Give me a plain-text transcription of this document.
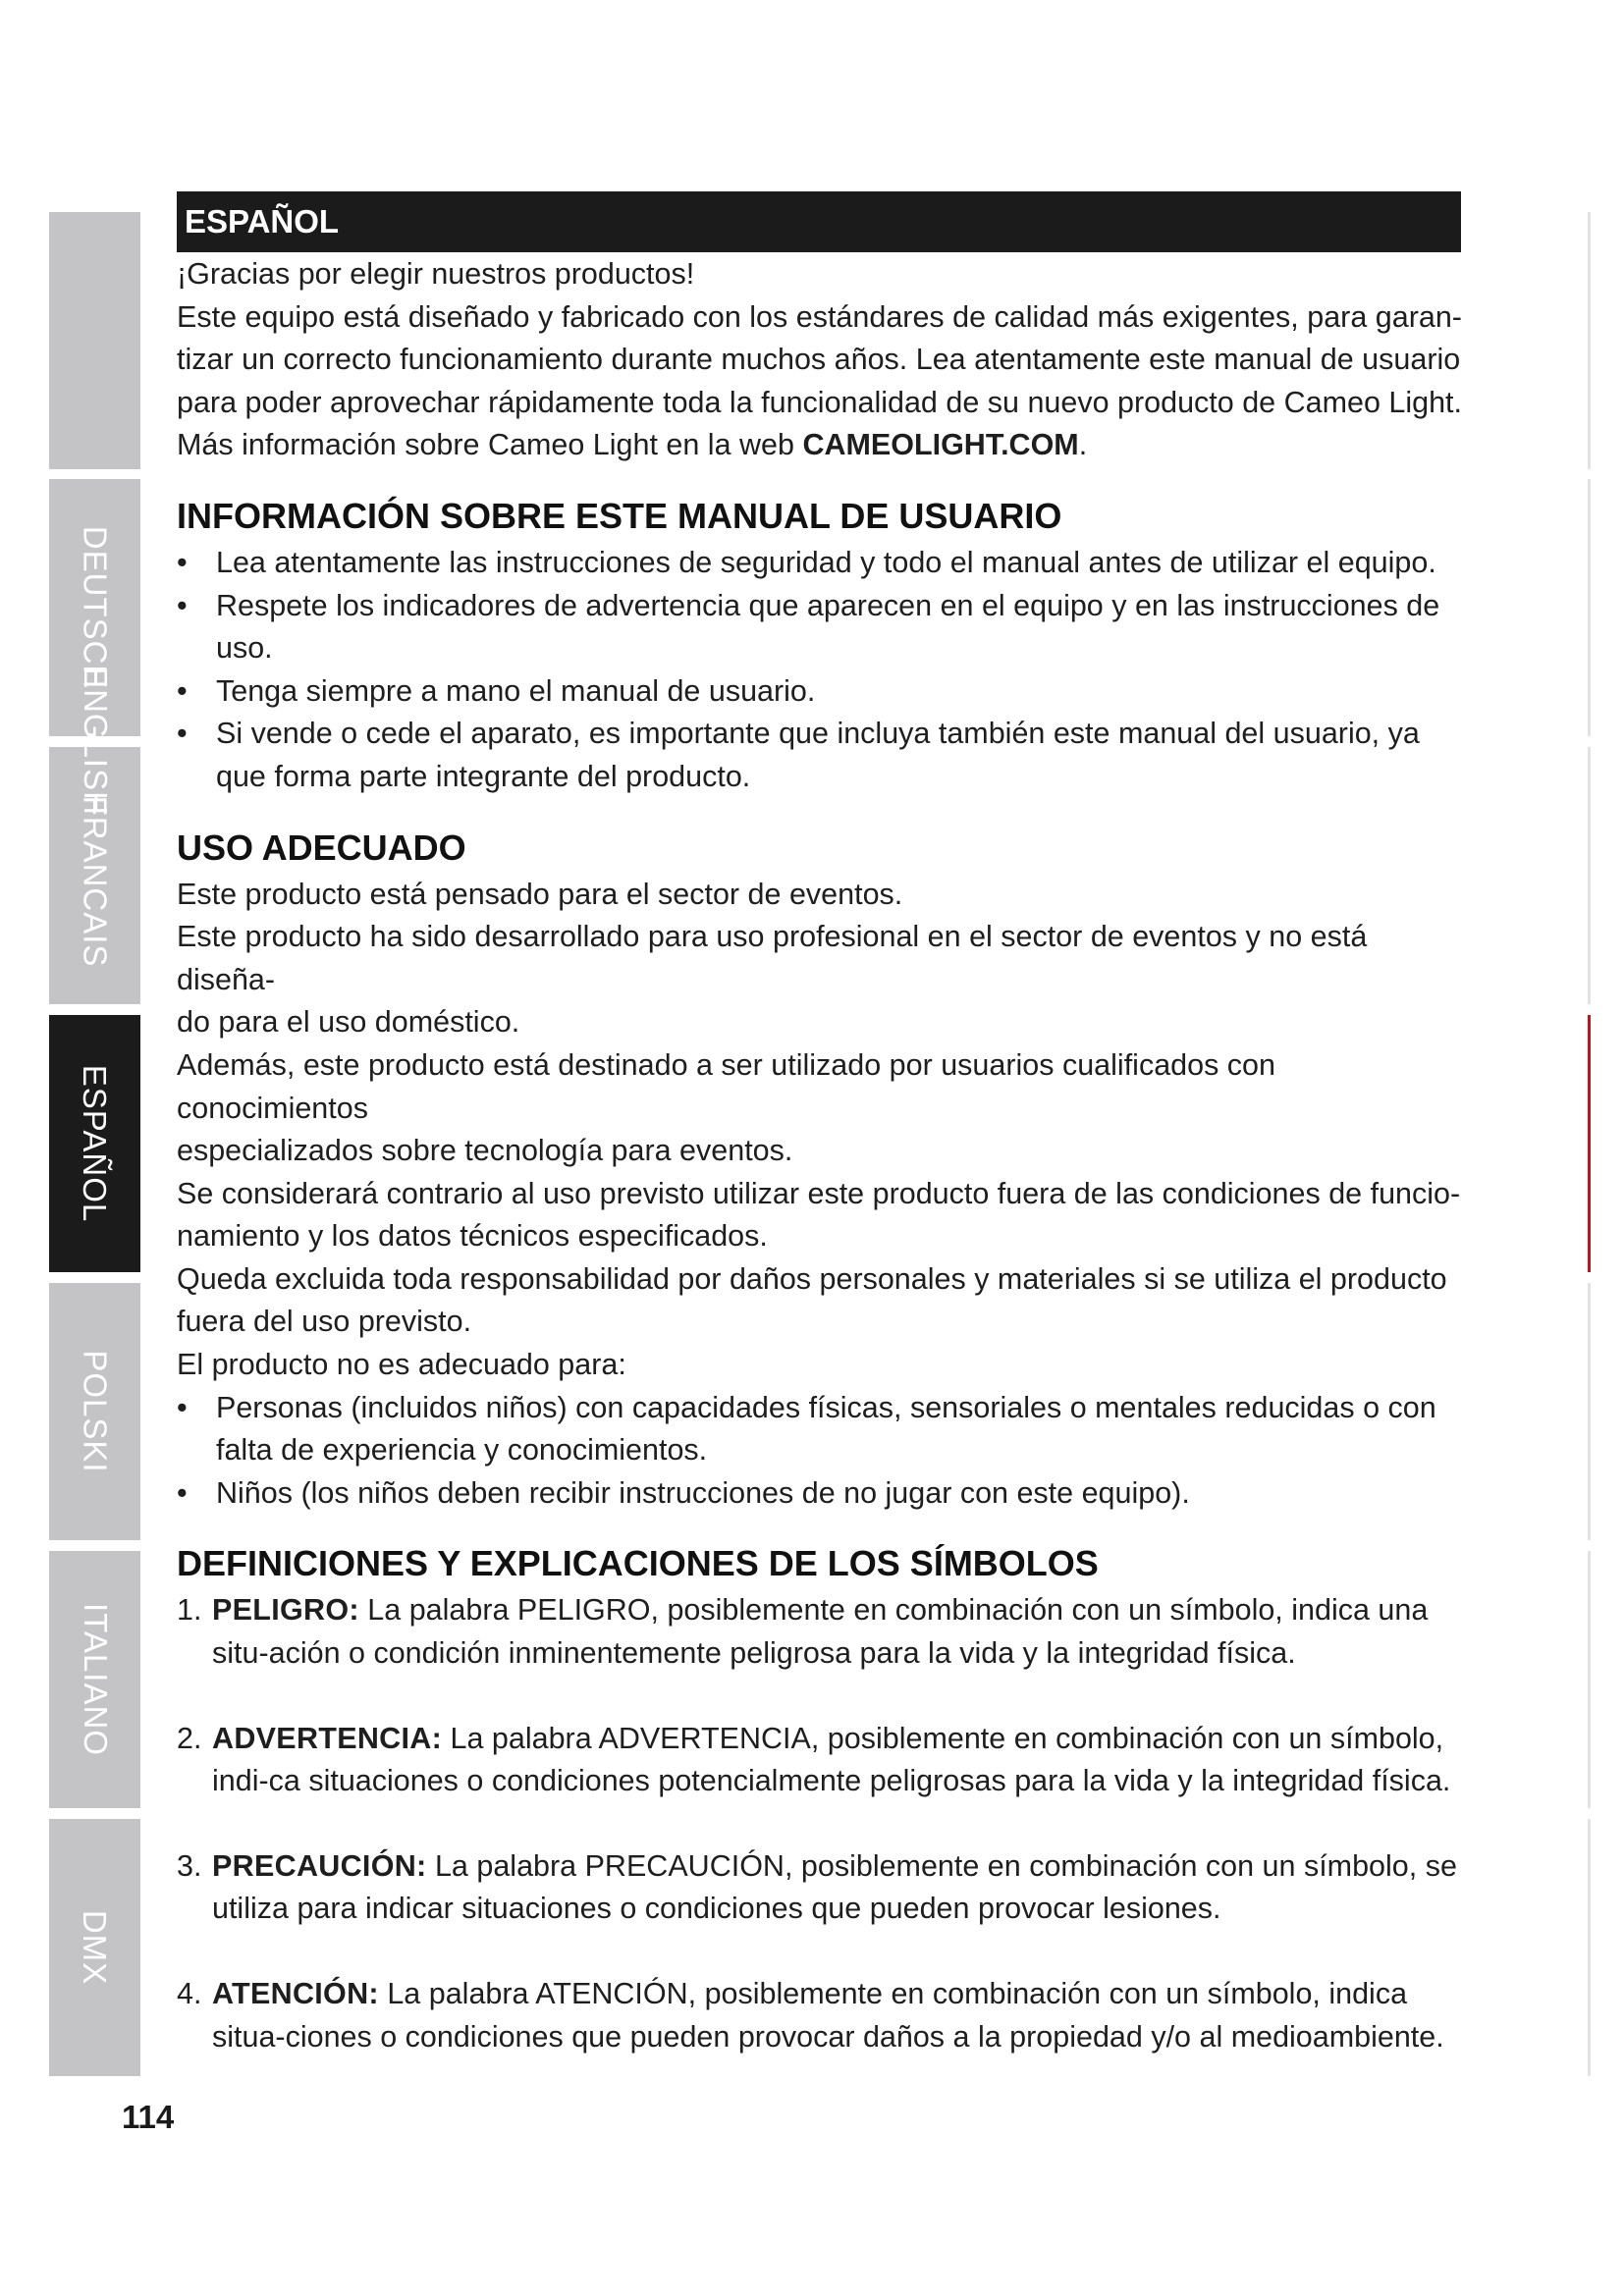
DEUTSCH
ENGLISH
FRANCAIS
ESPAÑOL
POLSKI
ITALIANO
DMX
ESPAÑOL

¡Gracias por elegir nuestros productos!

Este equipo está diseñado y fabricado con los estándares de calidad más exigentes, para garan-

tizar un correcto funcionamiento durante muchos años. Lea atentamente este manual de usuario

para poder aprovechar rápidamente toda la funcionalidad de su nuevo producto de Cameo Light.

Más información sobre Cameo Light en la web CAMEOLIGHT.COM.

INFORMACIÓN SOBRE ESTE MANUAL DE USUARIO
• Lea atentamente las instrucciones de seguridad y todo el manual antes de utilizar el equipo.
• Respete los indicadores de advertencia que aparecen en el equipo y en las instrucciones de uso.
• Tenga siempre a mano el manual de usuario.
• Si vende o cede el aparato, es importante que incluya también este manual del usuario, ya que forma parte integrante del producto.
USO ADECUADO

Este producto está pensado para el sector de eventos.

Este producto ha sido desarrollado para uso profesional en el sector de eventos y no está diseña-

do para el uso doméstico.

Además, este producto está destinado a ser utilizado por usuarios cualificados con conocimientos

especializados sobre tecnología para eventos.

Se considerará contrario al uso previsto utilizar este producto fuera de las condiciones de funcio-

namiento y los datos técnicos especificados.

Queda excluida toda responsabilidad por daños personales y materiales si se utiliza el producto

fuera del uso previsto.

El producto no es adecuado para:

• Personas (incluidos niños) con capacidades físicas, sensoriales o mentales reducidas o con falta de experiencia y conocimientos.
• Niños (los niños deben recibir instrucciones de no jugar con este equipo).
DEFINICIONES Y EXPLICACIONES DE LOS SÍMBOLOS
1. PELIGRO: La palabra PELIGRO, posiblemente en combinación con un símbolo, indica una situ-ación o condición inminentemente peligrosa para la vida y la integridad física.
2. ADVERTENCIA: La palabra ADVERTENCIA, posiblemente en combinación con un símbolo, indi-ca situaciones o condiciones potencialmente peligrosas para la vida y la integridad física.
3. PRECAUCIÓN: La palabra PRECAUCIÓN, posiblemente en combinación con un símbolo, se utiliza para indicar situaciones o condiciones que pueden provocar lesiones.
4. ATENCIÓN: La palabra ATENCIÓN, posiblemente en combinación con un símbolo, indica situa-ciones o condiciones que pueden provocar daños a la propiedad y/o al medioambiente.
114
